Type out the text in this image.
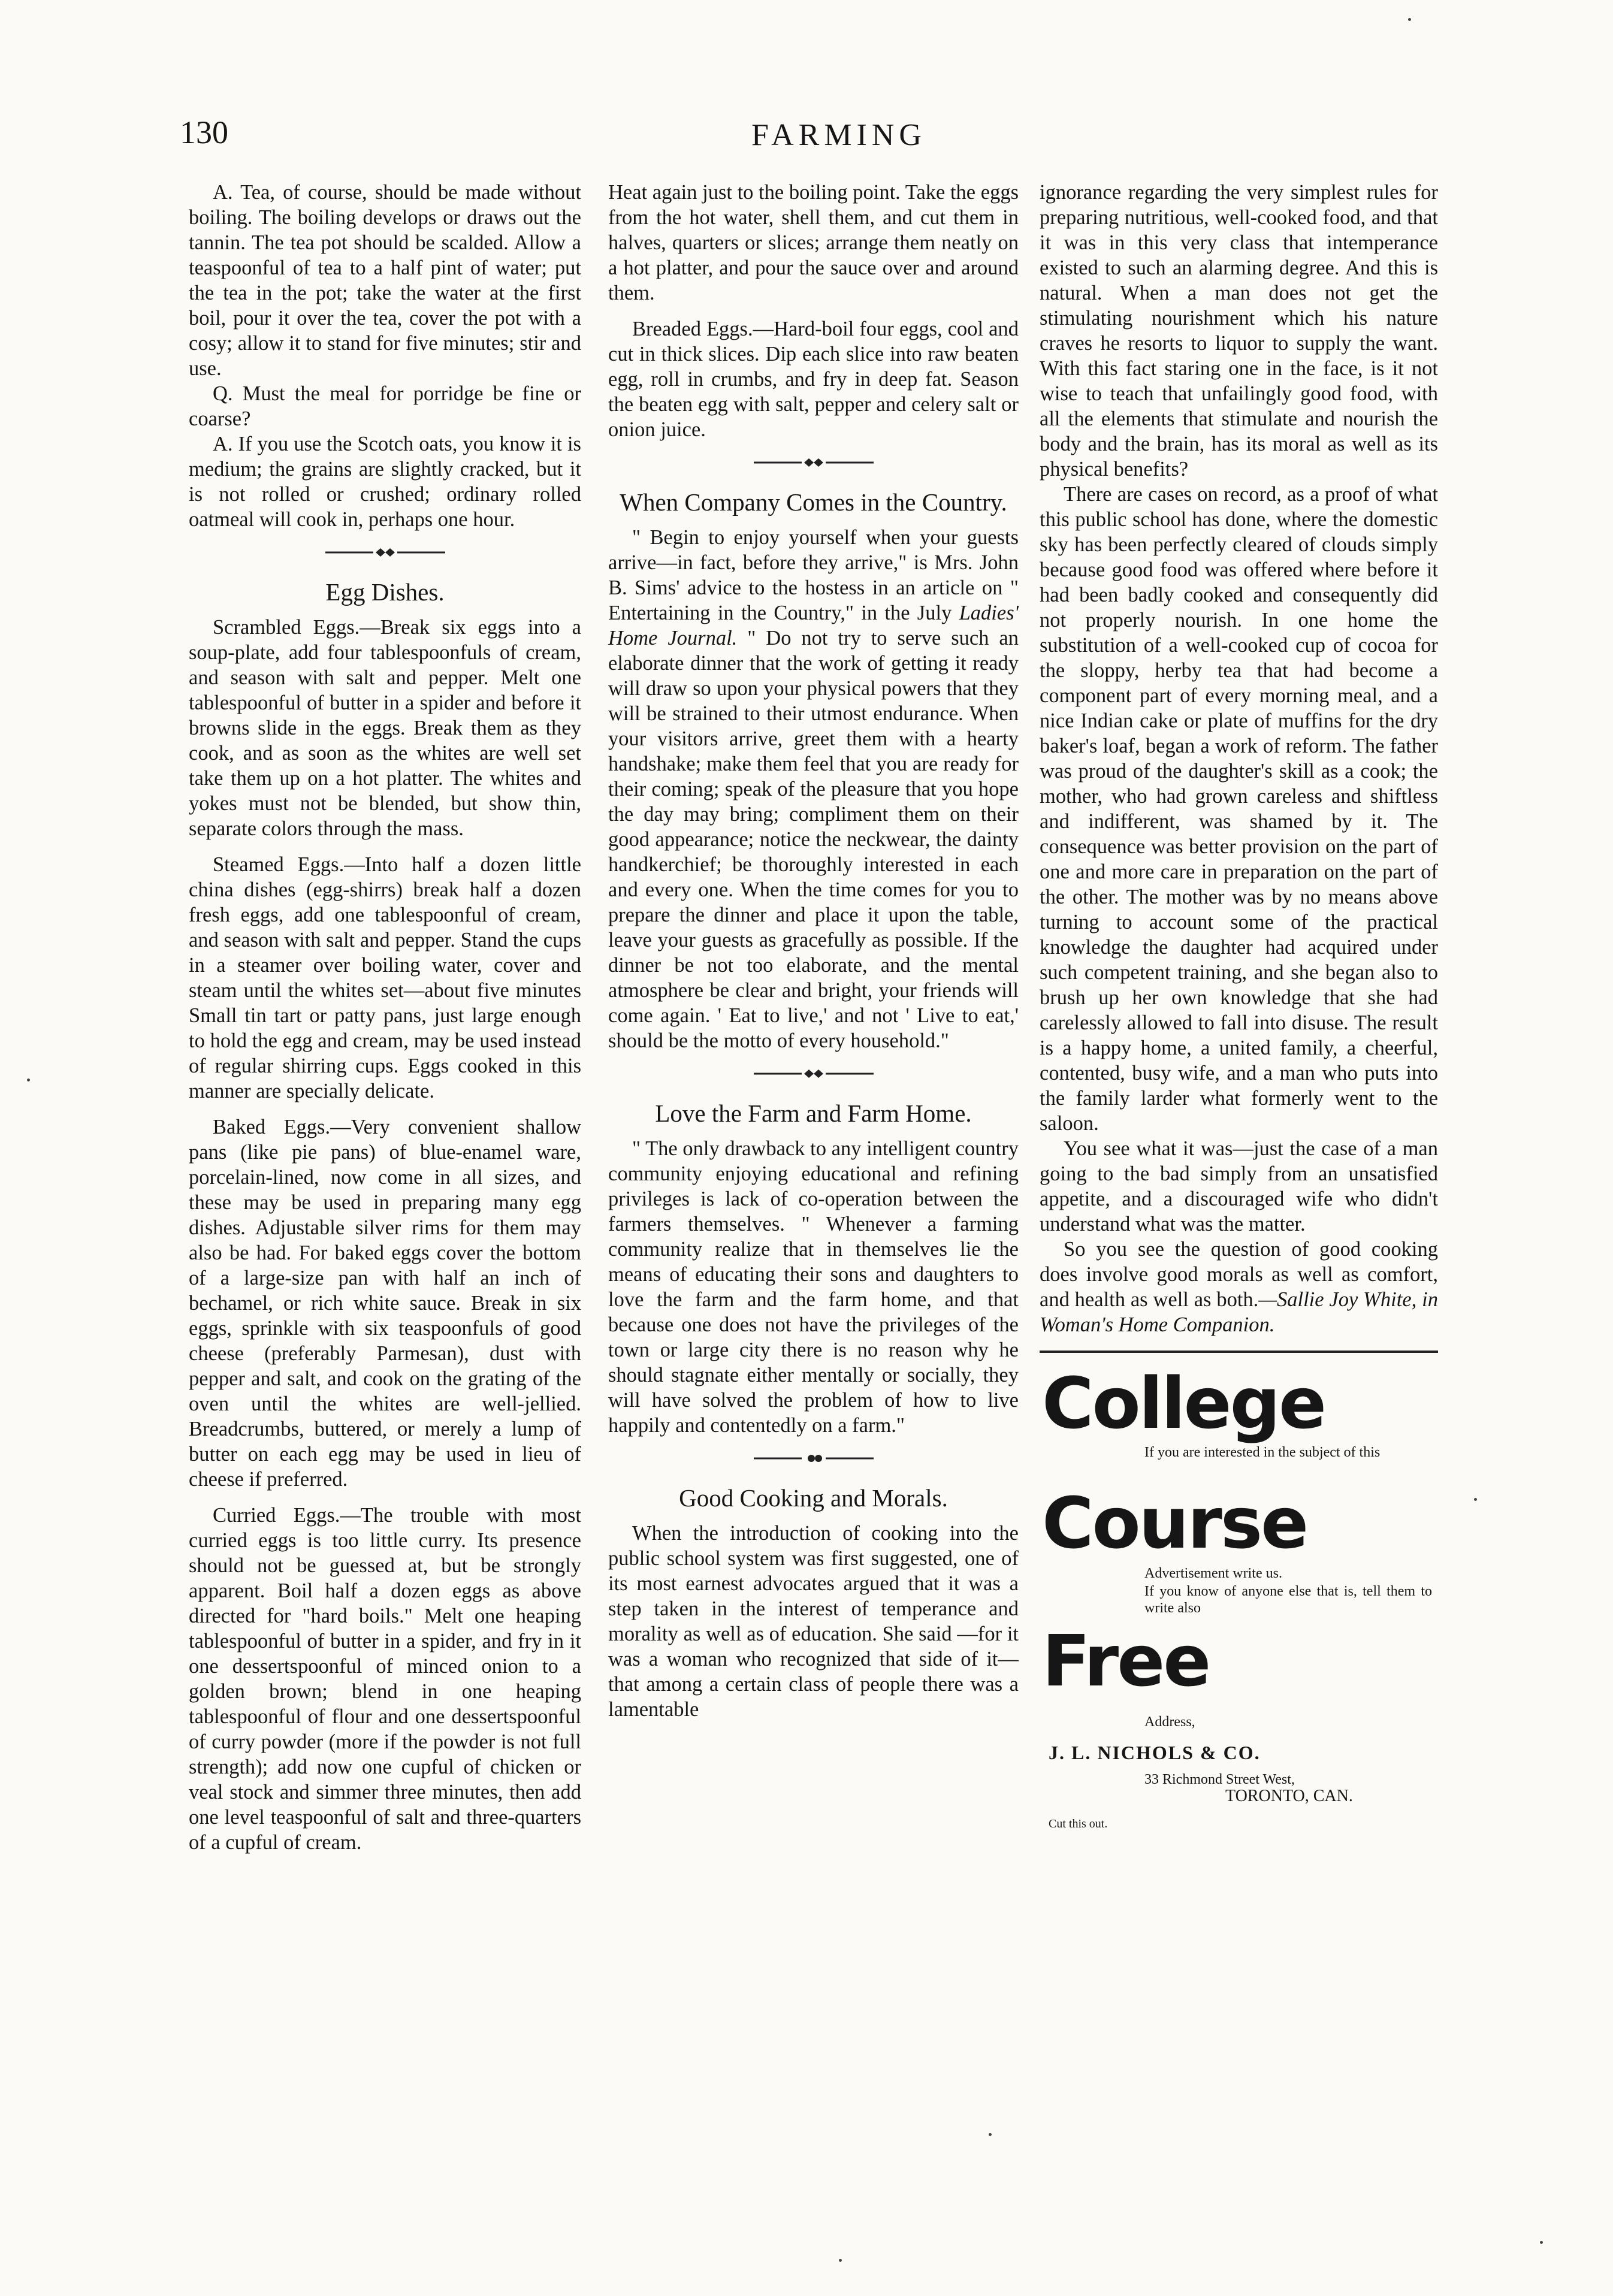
130	FARMING

A. Tea, of course, should be made without boiling. The boiling develops or draws out the tannin. The tea pot should be scalded. Allow a teaspoonful of tea to a half pint of water; put the tea in the pot; take the water at the first boil, pour it over the tea, cover the pot with a cosy; allow it to stand for five minutes; stir and use.

Q. Must the meal for porridge be fine or coarse?

A. If you use the Scotch oats, you know it is medium; the grains are slightly cracked, but it is not rolled or crushed; ordinary rolled oatmeal will cook in, perhaps one hour.

Egg Dishes.

Scrambled Eggs.—Break six eggs into a soup-plate, add four tablespoonfuls of cream, and season with salt and pepper. Melt one tablespoonful of butter in a spider and before it browns slide in the eggs. Break them as they cook, and as soon as the whites are well set take them up on a hot platter. The whites and yokes must not be blended, but show thin, separate colors through the mass.

Steamed Eggs.—Into half a dozen little china dishes (egg-shirrs) break half a dozen fresh eggs, add one tablespoonful of cream, and season with salt and pepper. Stand the cups in a steamer over boiling water, cover and steam until the whites set—about five minutes Small tin tart or patty pans, just large enough to hold the egg and cream, may be used instead of regular shirring cups. Eggs cooked in this manner are specially delicate.

Baked Eggs.—Very convenient shallow pans (like pie pans) of blue-enamel ware, porcelain-lined, now come in all sizes, and these may be used in preparing many egg dishes. Adjustable silver rims for them may also be had. For baked eggs cover the bottom of a large-size pan with half an inch of bechamel, or rich white sauce. Break in six eggs, sprinkle with six teaspoonfuls of good cheese (preferably Parmesan), dust with pepper and salt, and cook on the grating of the oven until the whites are well-jellied. Breadcrumbs, buttered, or merely a lump of butter on each egg may be used in lieu of cheese if preferred.

Curried Eggs.—The trouble with most curried eggs is too little curry. Its presence should not be guessed at, but be strongly apparent. Boil half a dozen eggs as above directed for "hard boils." Melt one heaping tablespoonful of butter in a spider, and fry in it one dessertspoonful of minced onion to a golden brown; blend in one heaping tablespoonful of flour and one dessertspoonful of curry powder (more if the powder is not full strength); add now one cupful of chicken or veal stock and simmer three minutes, then add one level teaspoonful of salt and three-quarters of a cupful of cream.

Heat again just to the boiling point. Take the eggs from the hot water, shell them, and cut them in halves, quarters or slices; arrange them neatly on a hot platter, and pour the sauce over and around them.

Breaded Eggs.—Hard-boil four eggs, cool and cut in thick slices. Dip each slice into raw beaten egg, roll in crumbs, and fry in deep fat. Season the beaten egg with salt, pepper and celery salt or onion juice.

When Company Comes in the Country.

" Begin to enjoy yourself when your guests arrive—in fact, before they arrive," is Mrs. John B. Sims' advice to the hostess in an article on " Entertaining in the Country," in the July Ladies' Home Journal. " Do not try to serve such an elaborate dinner that the work of getting it ready will draw so upon your physical powers that they will be strained to their utmost endurance. When your visitors arrive, greet them with a hearty handshake; make them feel that you are ready for their coming; speak of the pleasure that you hope the day may bring; compliment them on their good appearance; notice the neckwear, the dainty handkerchief; be thoroughly interested in each and every one. When the time comes for you to prepare the dinner and place it upon the table, leave your guests as gracefully as possible. If the dinner be not too elaborate, and the mental atmosphere be clear and bright, your friends will come again. ' Eat to live,' and not ' Live to eat,' should be the motto of every household."

Love the Farm and Farm Home.

" The only drawback to any intelligent country community enjoying educational and refining privileges is lack of co-operation between the farmers themselves. " Whenever a farming community realize that in themselves lie the means of educating their sons and daughters to love the farm and the farm home, and that because one does not have the privileges of the town or large city there is no reason why he should stagnate either mentally or socially, they will have solved the problem of how to live happily and contentedly on a farm."

Good Cooking and Morals.

When the introduction of cooking into the public school system was first suggested, one of its most earnest advocates argued that it was a step taken in the interest of temperance and morality as well as of education. She said —for it was a woman who recognized that side of it—that among a certain class of people there was a lamentable

ignorance regarding the very simplest rules for preparing nutritious, well-cooked food, and that it was in this very class that intemperance existed to such an alarming degree. And this is natural. When a man does not get the stimulating nourishment which his nature craves he resorts to liquor to supply the want. With this fact staring one in the face, is it not wise to teach that unfailingly good food, with all the elements that stimulate and nourish the body and the brain, has its moral as well as its physical benefits?

There are cases on record, as a proof of what this public school has done, where the domestic sky has been perfectly cleared of clouds simply because good food was offered where before it had been badly cooked and consequently did not properly nourish. In one home the substitution of a well-cooked cup of cocoa for the sloppy, herby tea that had become a component part of every morning meal, and a nice Indian cake or plate of muffins for the dry baker's loaf, began a work of reform. The father was proud of the daughter's skill as a cook; the mother, who had grown careless and shiftless and indifferent, was shamed by it. The consequence was better provision on the part of one and more care in preparation on the part of the other. The mother was by no means above turning to account some of the practical knowledge the daughter had acquired under such competent training, and she began also to brush up her own knowledge that she had carelessly allowed to fall into disuse. The result is a happy home, a united family, a cheerful, contented, busy wife, and a man who puts into the family larder what formerly went to the saloon.

You see what it was—just the case of a man going to the bad simply from an unsatisfied appetite, and a discouraged wife who didn't understand what was the matter.

So you see the question of good cooking does involve good morals as well as comfort, and health as well as both.—Sallie Joy White, in Woman's Home Companion.

College
If you are interested in the subject of this
Course
Advertisement write us.
If you know of anyone else that is, tell them to write also
Free
Address,
J. L. NICHOLS & CO.
33 Richmond Street West,
TORONTO, CAN.
Cut this out.
